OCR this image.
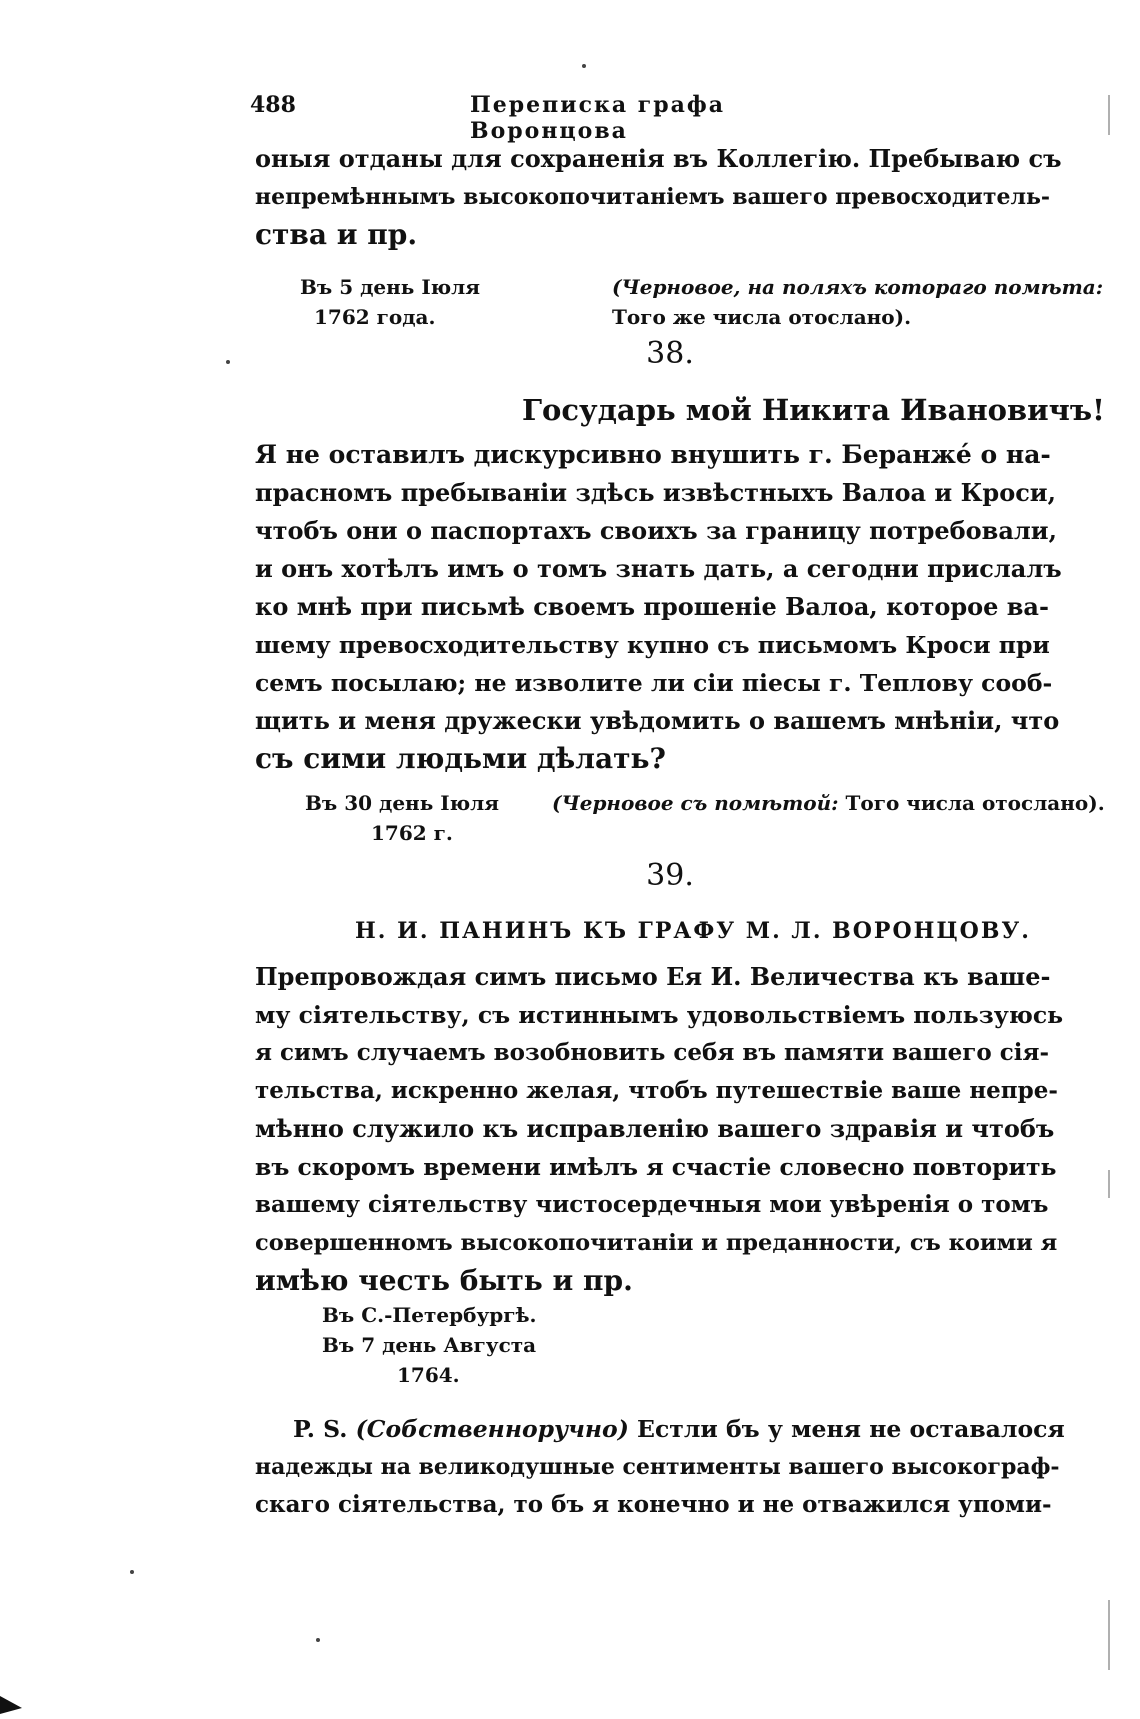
488	Переписка графа Воронцова

оныя отданы для сохраненія въ Коллегію. Пребываю съ
непремѣннымъ высокопочитаніемъ вашего превосходитель-
ства и пр.

Въ 5 день Іюля
1762 года.
(Черновое, на поляхъ котораго помѣта:
Того же числа отослано).
38.
Государь мой Никита Ивановичъ!

Я не оставилъ дискурсивно внушить г. Беранжé о на-
прасномъ пребываніи здѣсь извѣстныхъ Валоа и Кроси,
чтобъ они о паспортахъ своихъ за границу потребовали,
и онъ хотѣлъ имъ о томъ знать дать, а сегодни прислалъ
ко мнѣ при письмѣ своемъ прошеніе Валоа, которое ва-
шему превосходительству купно съ письмомъ Кроси при
семъ посылаю; не изволите ли сіи піесы г. Теплову сооб-
щить и меня дружески увѣдомить о вашемъ мнѣніи, что
съ сими людьми дѣлать?

Въ 30 день Іюля
1762 г.
(Черновое съ помѣтой: Того числа отослано).
39.
Н. И. ПАНИНЪ КЪ ГРАФУ М. Л. ВОРОНЦОВУ.

Препровождая симъ письмо Ея И. Величества къ ваше-
му сіятельству, съ истиннымъ удовольствіемъ пользуюсь
я симъ случаемъ возобновить себя въ памяти вашего сія-
тельства, искренно желая, чтобъ путешествіе ваше непре-
мѣнно служило къ исправленію вашего здравія и чтобъ
въ скоромъ времени имѣлъ я счастіе словесно повторить
вашему сіятельству чистосердечныя мои увѣренія о томъ
совершенномъ высокопочитаніи и преданности, съ коими я
имѣю честь быть и пр.

Въ С.-Петербургѣ.
Въ 7 день Августа
1764.

P. S. (Собственноручно) Естли бъ у меня не оставалося
надежды на великодушные сентименты вашего высокограф-
скаго сіятельства, то бъ я конечно и не отважился упоми-
